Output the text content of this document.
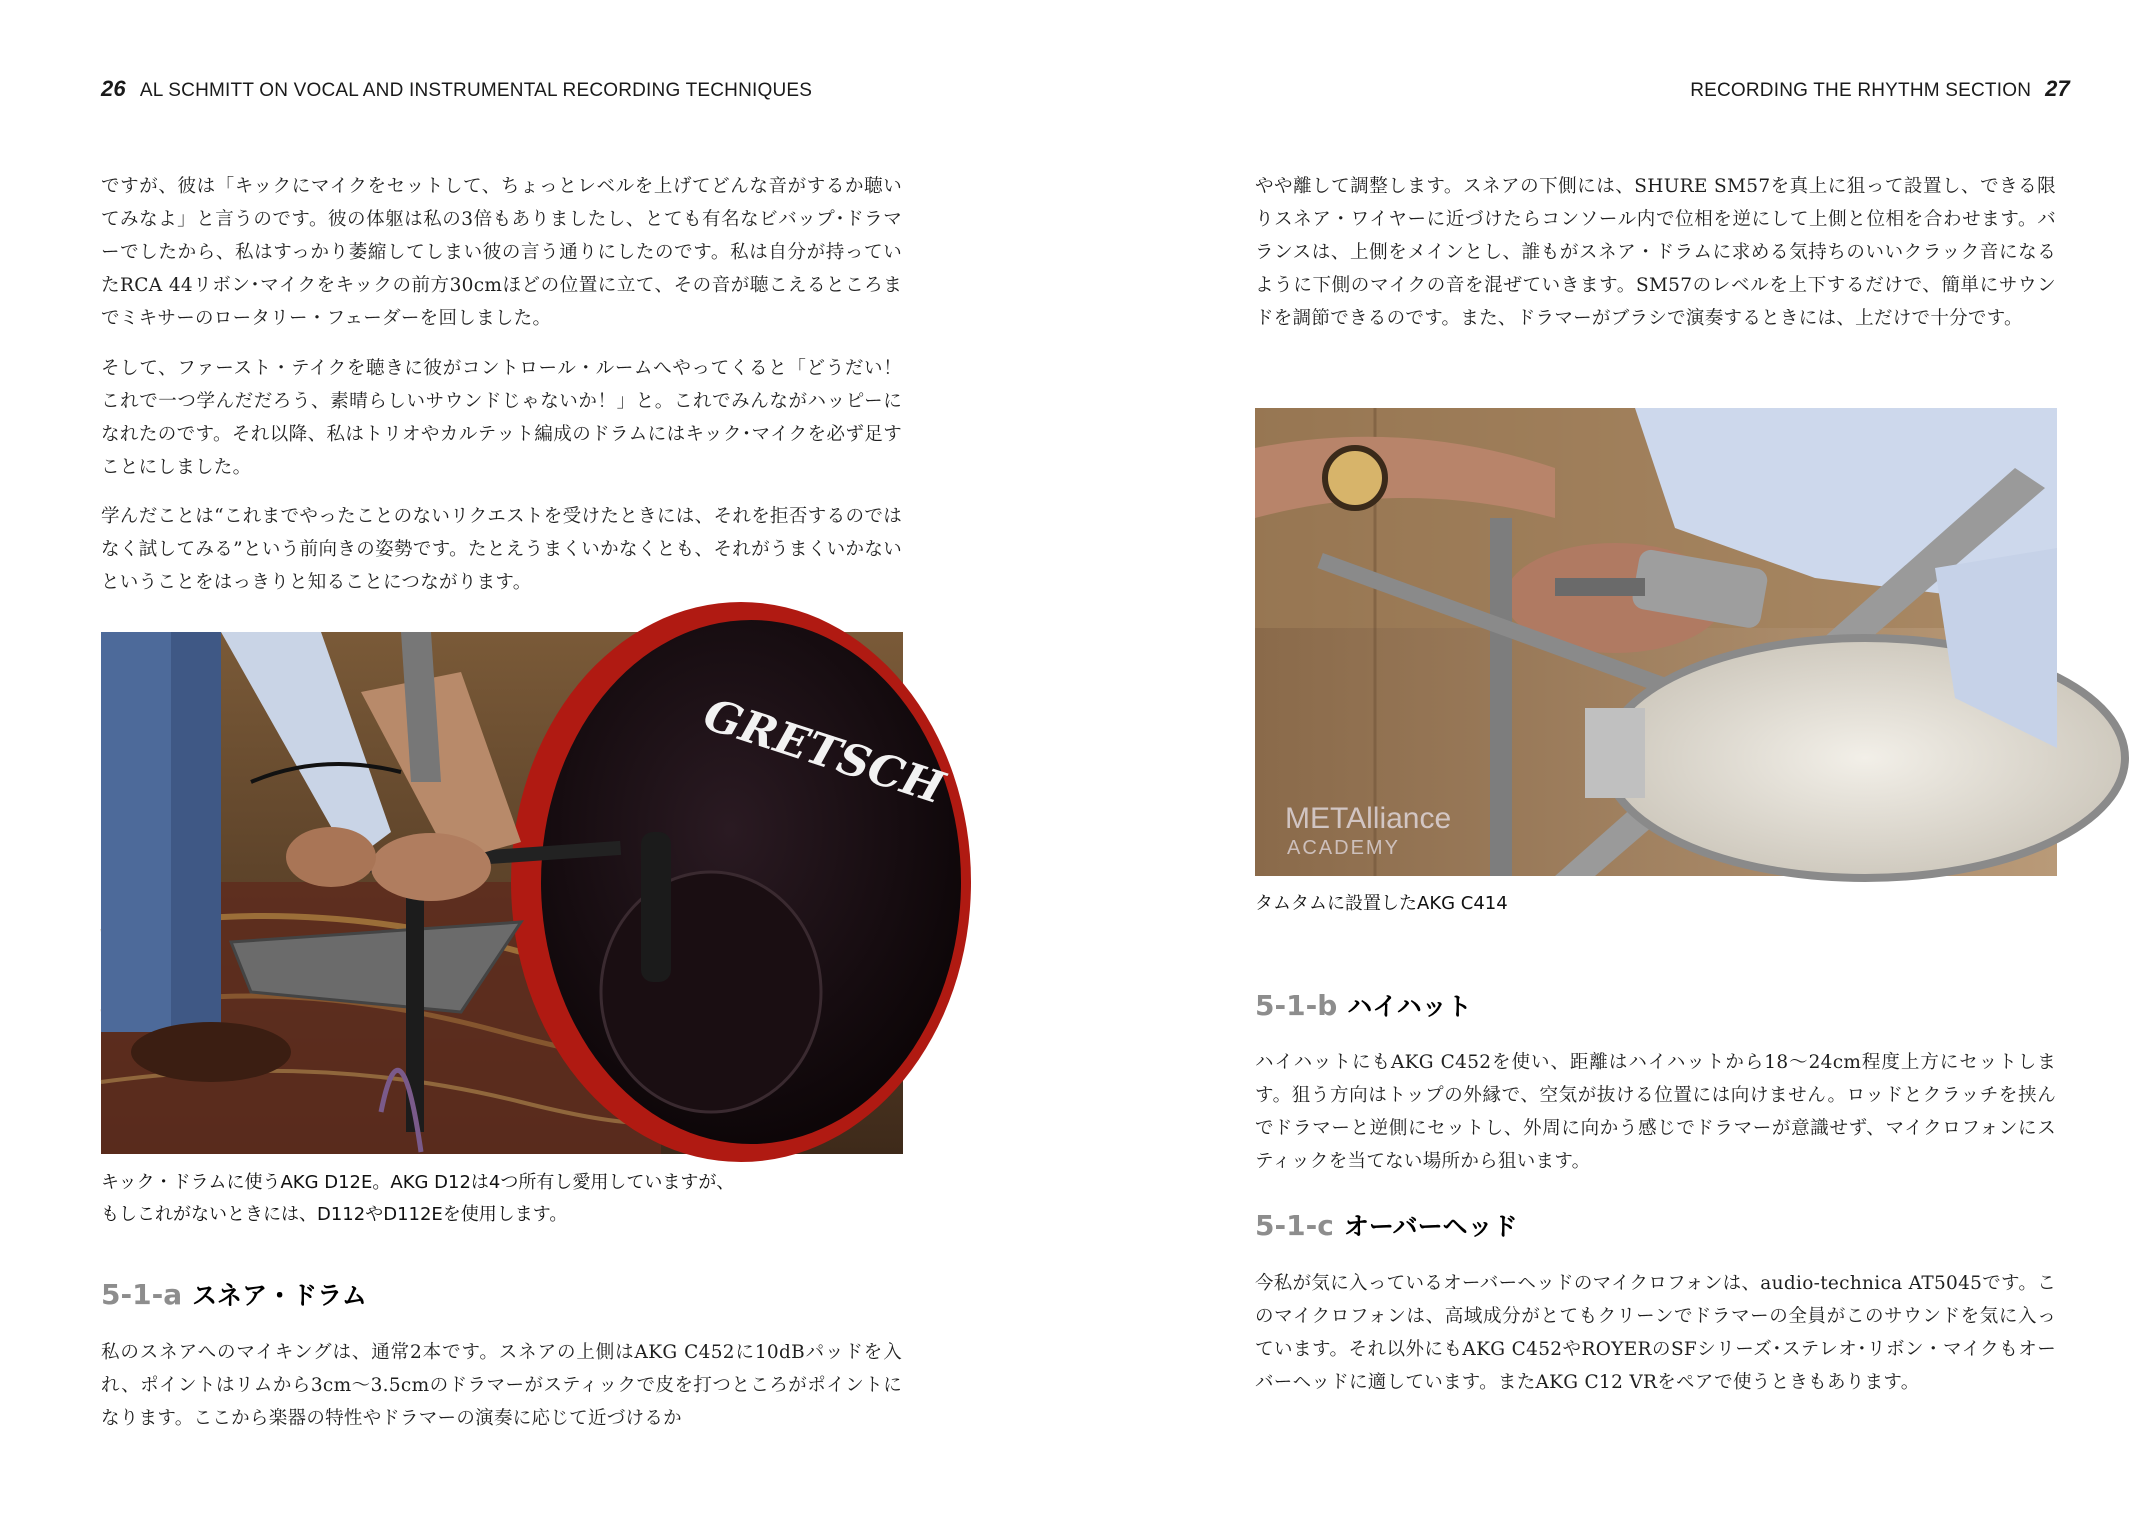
26 AL SCHMITT ON VOCAL AND INSTRUMENTAL RECORDING TECHNIQUES

ですが、彼は「キックにマイクをセットして、ちょっとレベルを上げてどんな音がするか聴いてみなよ」と言うのです。彼の体躯は私の3倍もありましたし、とても有名なビバップ･ドラマーでしたから、私はすっかり萎縮してしまい彼の言う通りにしたのです。私は自分が持っていたRCA 44リボン･マイクをキックの前方30cmほどの位置に立て、その音が聴こえるところまでミキサーのロータリー・フェーダーを回しました。

そして、ファースト・テイクを聴きに彼がコントロール・ルームへやってくると「どうだい！ これで一つ学んだだろう、素晴らしいサウンドじゃないか！」と。これでみんながハッピーになれたのです。それ以降、私はトリオやカルテット編成のドラムにはキック･マイクを必ず足すことにしました。

学んだことは“これまでやったことのないリクエストを受けたときには、それを拒否するのではなく試してみる”という前向きの姿勢です。たとえうまくいかなくとも、それがうまくいかないということをはっきりと知ることにつながります。

GRETSCH

キック・ドラムに使うAKG D12E。AKG D12は4つ所有し愛用していますが、
もしこれがないときには、D112やD112Eを使用します。

5-1-a スネア・ドラム

私のスネアへのマイキングは、通常2本です。スネアの上側はAKG C452に10dBパッドを入れ、ポイントはリムから3cm～3.5cmのドラマーがスティックで皮を打つところがポイントになります。ここから楽器の特性やドラマーの演奏に応じて近づけるか

RECORDING THE RHYTHM SECTION 27

やや離して調整します。スネアの下側には、SHURE SM57を真上に狙って設置し、できる限りスネア・ワイヤーに近づけたらコンソール内で位相を逆にして上側と位相を合わせます。バランスは、上側をメインとし、誰もがスネア・ドラムに求める気持ちのいいクラック音になるように下側のマイクの音を混ぜていきます。SM57のレベルを上下するだけで、簡単にサウンドを調節できるのです。また、ドラマーがブラシで演奏するときには、上だけで十分です。

METAlliance
ACADEMY

タムタムに設置したAKG C414

5-1-b ハイハット

ハイハットにもAKG C452を使い、距離はハイハットから18～24cm程度上方にセットします。狙う方向はトップの外縁で、空気が抜ける位置には向けません。ロッドとクラッチを挟んでドラマーと逆側にセットし、外周に向かう感じでドラマーが意識せず、マイクロフォンにスティックを当てない場所から狙います。

5-1-c オーバーヘッド

今私が気に入っているオーバーヘッドのマイクロフォンは、audio-technica AT5045です。このマイクロフォンは、高域成分がとてもクリーンでドラマーの全員がこのサウンドを気に入っています。それ以外にもAKG C452やROYERのSFシリーズ･ステレオ･リボン・マイクもオーバーヘッドに適しています。またAKG C12 VRをペアで使うときもあります。
